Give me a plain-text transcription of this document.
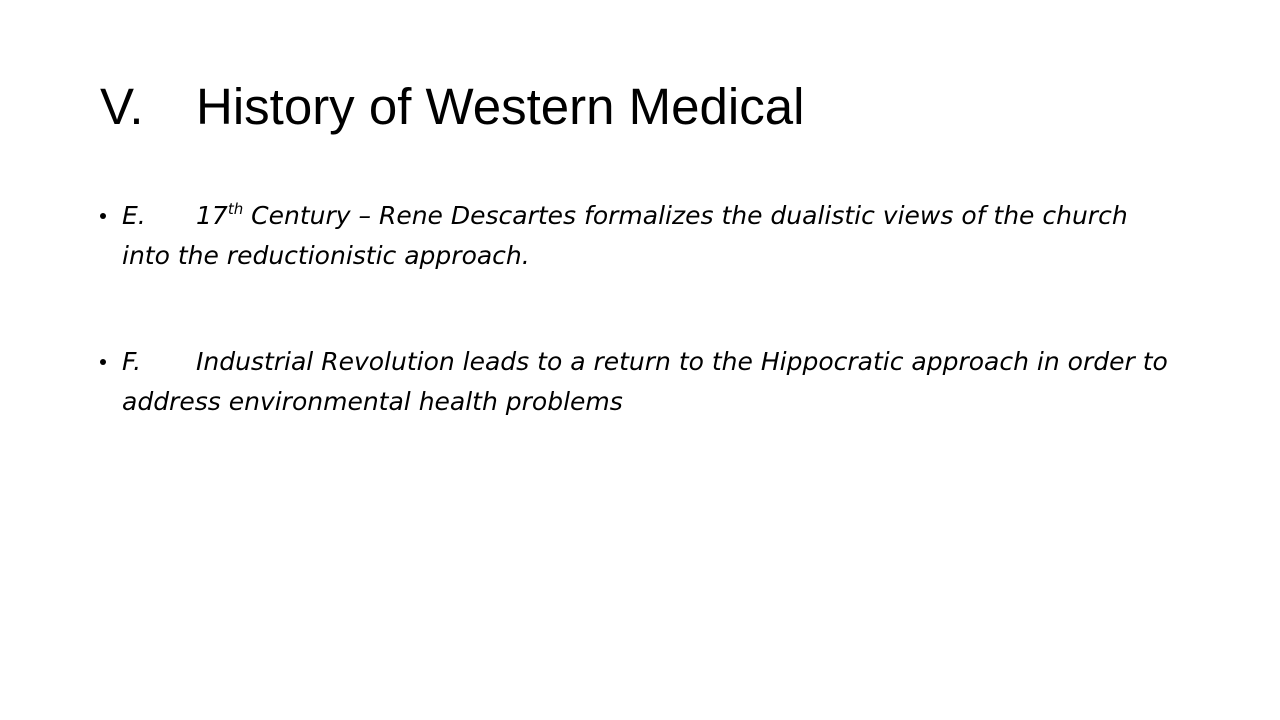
V. History of Western Medical
E. 17th Century – Rene Descartes formalizes the dualistic views of the church into the reductionistic approach.
F. Industrial Revolution leads to a return to the Hippocratic approach in order to address environmental health problems
